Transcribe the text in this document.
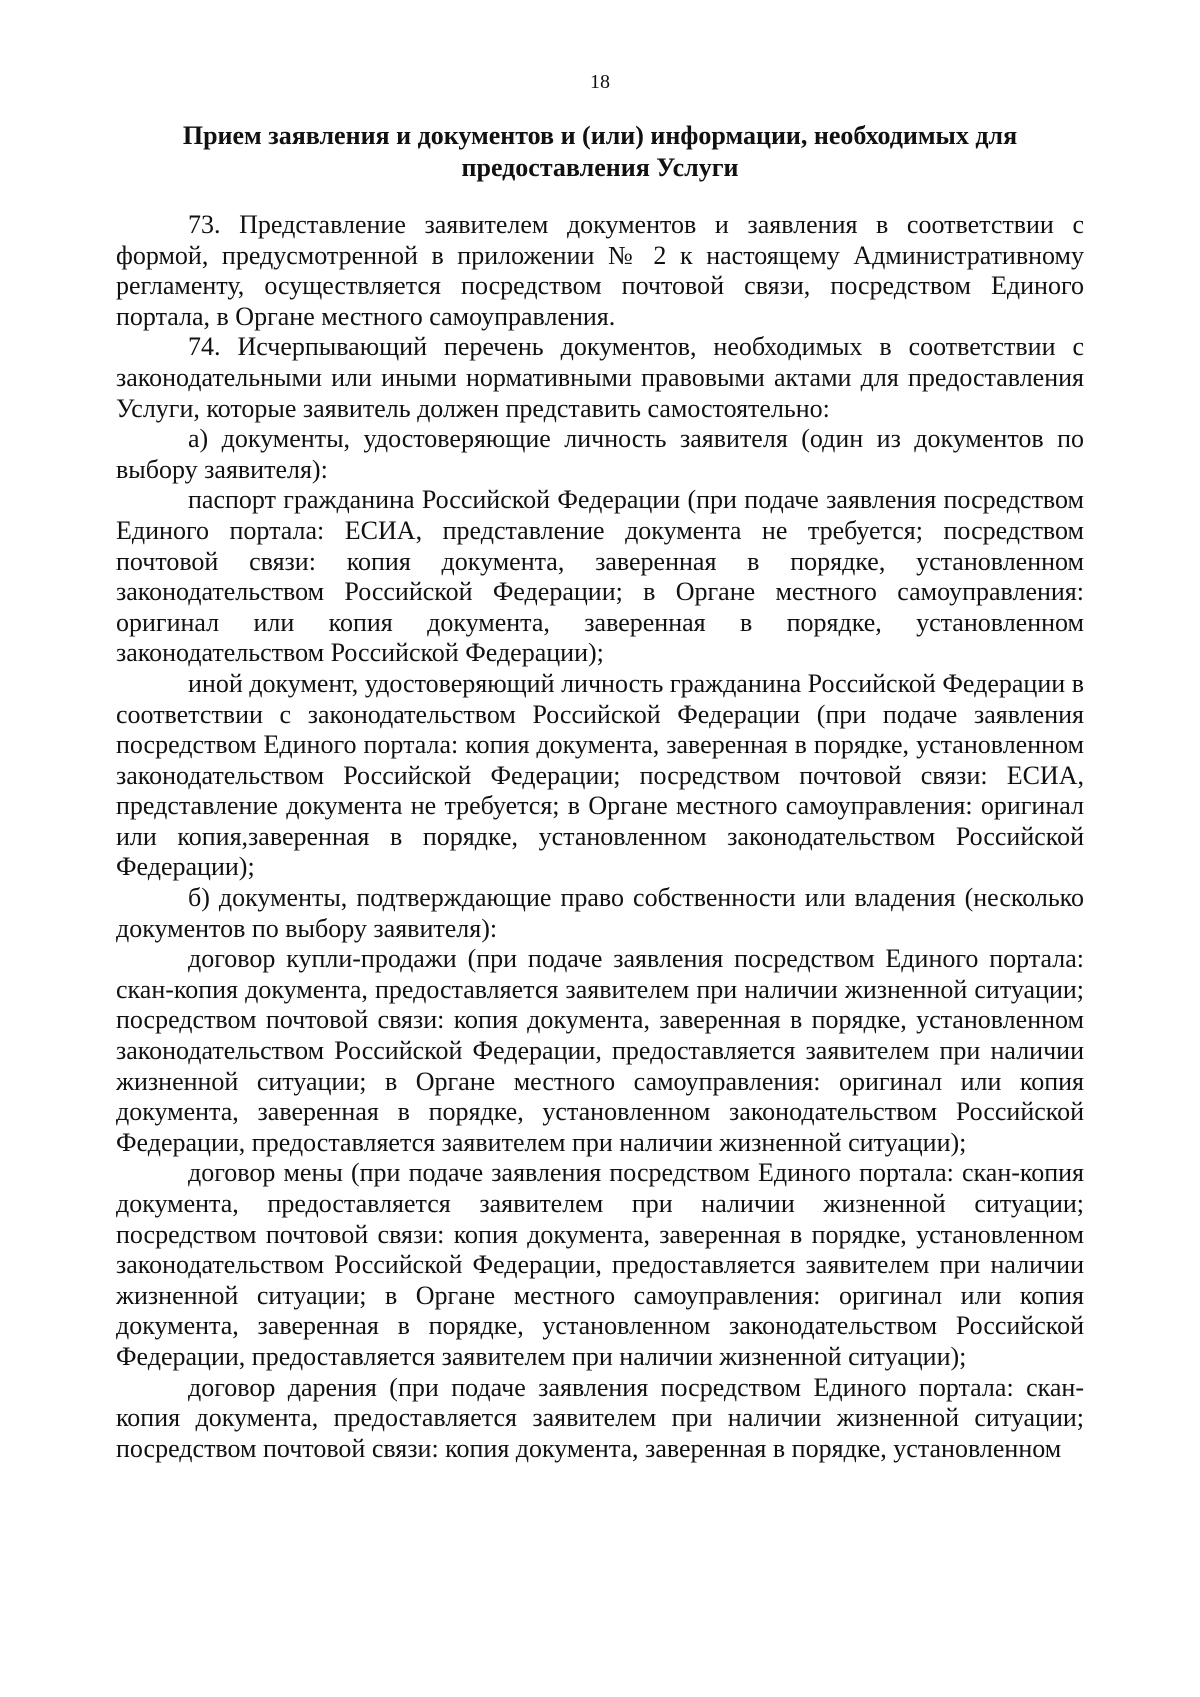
18
Прием заявления и документов и (или) информации, необходимых для
предоставления Услуги

73. Представление заявителем документов и заявления в соответствии с формой, предусмотренной в приложении № 2 к настоящему Административному регламенту, осуществляется посредством почтовой связи, посредством Единого портала, в Органе местного самоуправления.

74. Исчерпывающий перечень документов, необходимых в соответствии с законодательными или иными нормативными правовыми актами для предоставления Услуги, которые заявитель должен представить самостоятельно:

а) документы, удостоверяющие личность заявителя (один из документов по выбору заявителя):

паспорт гражданина Российской Федерации (при подаче заявления посредством Единого портала: ЕСИА, представление документа не требуется; посредством почтовой связи: копия документа, заверенная в порядке, установленном законодательством Российской Федерации; в Органе местного самоуправления: оригинал или копия документа, заверенная в порядке, установленном законодательством Российской Федерации);

иной документ, удостоверяющий личность гражданина Российской Федерации в соответствии с законодательством Российской Федерации (при подаче заявления посредством Единого портала: копия документа, заверенная в порядке, установленном законодательством Российской Федерации; посредством почтовой связи: ЕСИА, представление документа не требуется; в Органе местного самоуправления: оригинал или копия,заверенная в порядке, установленном законодательством Российской Федерации);

б) документы, подтверждающие право собственности или владения (несколько документов по выбору заявителя):

договор купли-продажи (при подаче заявления посредством Единого портала: скан-копия документа, предоставляется заявителем при наличии жизненной ситуации; посредством почтовой связи: копия документа, заверенная в порядке, установленном законодательством Российской Федерации, предоставляется заявителем при наличии жизненной ситуации; в Органе местного самоуправления: оригинал или копия документа, заверенная в порядке, установленном законодательством Российской Федерации, предоставляется заявителем при наличии жизненной ситуации);

договор мены (при подаче заявления посредством Единого портала: скан-копия документа, предоставляется заявителем при наличии жизненной ситуации; посредством почтовой связи: копия документа, заверенная в порядке, установленном законодательством Российской Федерации, предоставляется заявителем при наличии жизненной ситуации; в Органе местного самоуправления: оригинал или копия документа, заверенная в порядке, установленном законодательством Российской Федерации, предоставляется заявителем при наличии жизненной ситуации);

договор дарения (при подаче заявления посредством Единого портала: скан-копия документа, предоставляется заявителем при наличии жизненной ситуации; посредством почтовой связи: копия документа, заверенная в порядке, установленном
